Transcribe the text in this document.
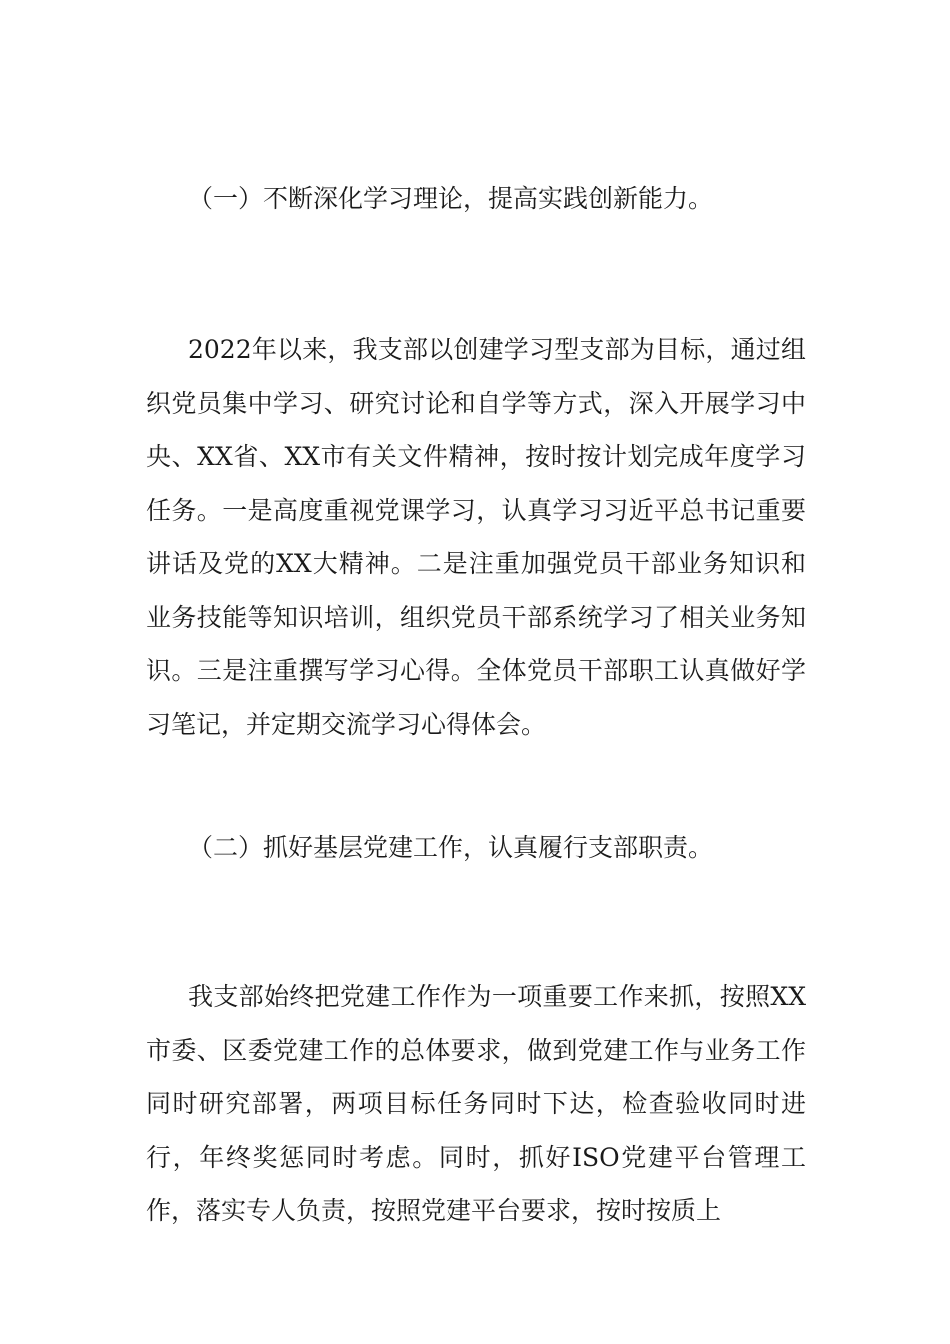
（一）不断深化学习理论，提高实践创新能力。

2022年以来，我支部以创建学习型支部为目标，通过组织党员集中学习、研究讨论和自学等方式，深入开展学习中央、XX省、XX市有关文件精神，按时按计划完成年度学习任务。一是高度重视党课学习，认真学习习近平总书记重要讲话及党的XX大精神。二是注重加强党员干部业务知识和业务技能等知识培训，组织党员干部系统学习了相关业务知识。三是注重撰写学习心得。全体党员干部职工认真做好学习笔记，并定期交流学习心得体会。

（二）抓好基层党建工作，认真履行支部职责。

我支部始终把党建工作作为一项重要工作来抓，按照XX市委、区委党建工作的总体要求，做到党建工作与业务工作同时研究部署，两项目标任务同时下达，检查验收同时进行，年终奖惩同时考虑。同时，抓好ISO党建平台管理工作，落实专人负责，按照党建平台要求，按时按质上
